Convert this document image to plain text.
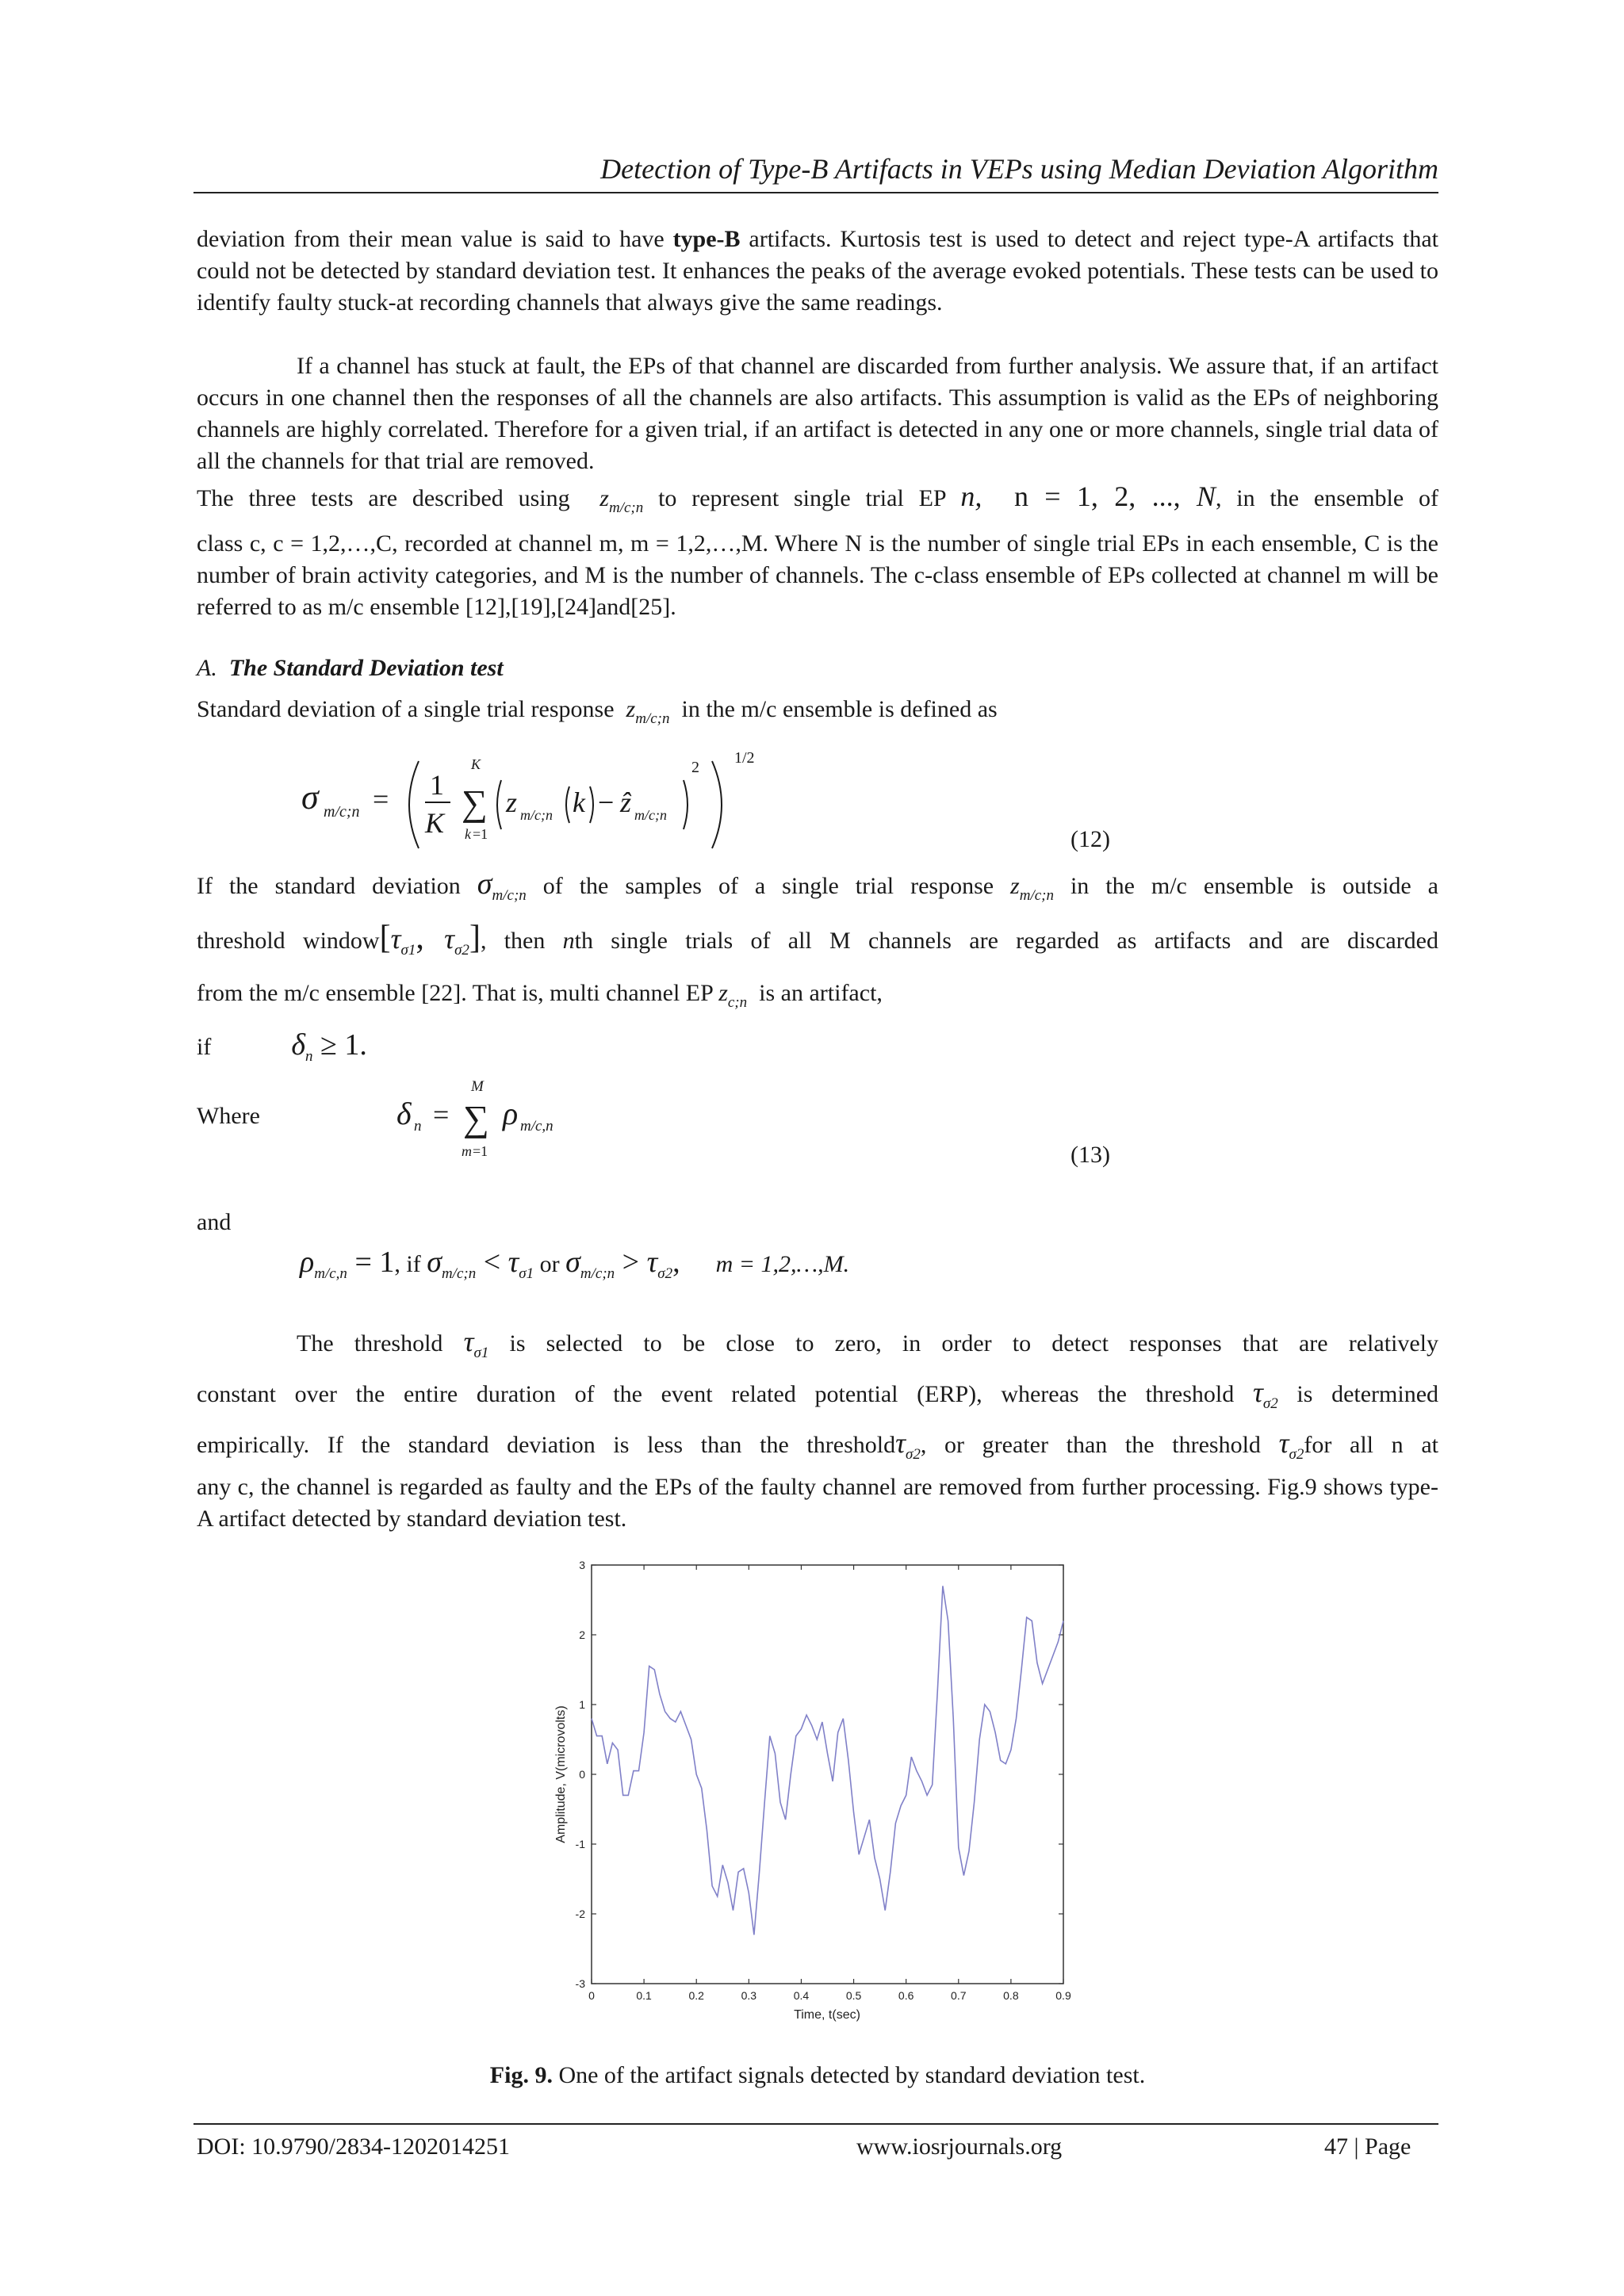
Detection of Type-B Artifacts in VEPs using Median Deviation Algorithm
deviation from their mean value is said to have type-B artifacts. Kurtosis test is used to detect and reject type-A artifacts that could not be detected by standard deviation test. It enhances the peaks of the average evoked potentials. These tests can be used to identify faulty stuck-at recording channels that always give the same readings.
If a channel has stuck at fault, the EPs of that channel are discarded from further analysis. We assure that, if an artifact occurs in one channel then the responses of all the channels are also artifacts. This assumption is valid as the EPs of neighboring channels are highly correlated. Therefore for a given trial, if an artifact is detected in any one or more channels, single trial data of all the channels for that trial are removed.
The three tests are described using  $z_{m/c;n}$ to represent single trial EP n,  n = 1, 2, ..., N, in the ensemble of
class c, c = 1,2,…,C, recorded at channel m, m = 1,2,…,M. Where N is the number of single trial EPs in each ensemble, C is the number of brain activity categories, and M is the number of channels. The c-class ensemble of EPs collected at channel m will be referred to as m/c ensemble [12],[19],[24]and[25].
A. The Standard Deviation test
Standard deviation of a single trial response  $z_{m/c;n}$ in the m/c ensemble is defined as
σ m/c;n = 1
K
K
∑
k =1
z m/c;n k − ẑ m/c;n
2
1/2
(12)
If the standard deviation $\sigma_{m/c;n}$ of the samples of a single trial response $z_{m/c;n}$ in the m/c ensemble is outside a
threshold $window[\tau_{\sigma 1}$, $\tau_{\sigma 2}$], then nth single trials of all M channels are regarded as artifacts and are discarded
from the m/c ensemble [22]. That is, multi channel EP $z_{c;n}$ is an artifact,
if	$\delta_n \ge 1$.
Where	δ n =
M
∑
m =1
ρ m/c,n
(13)
and
$\rho_{m/c,n} = 1$, if $\sigma_{m/c;n} < \tau_{\sigma 1}$ or $\sigma_{m/c;n} > \tau_{\sigma 2}$, m = 1,2,…,M.
The threshold $\tau_{\sigma 1}$ is selected to be close to zero, in order to detect responses that are relatively
constant over the entire duration of the event related potential (ERP), whereas the threshold $\tau_{\sigma 2}$ is determined
empirically. If the standard deviation is less than the thresholdτ$_{\sigma 2}$, or greater than the threshold $\tau_{\sigma 2}for$ all n at
any c, the channel is regarded as faulty and the EPs of the faulty channel are removed from further processing. Fig.9 shows type-A artifact detected by standard deviation test.
3
2
1
0
-1
-2
-3
0	0.1	0.2	0.3	0.4	0.5	0.6	0.7	0.8	0.9
Amplitude, V(microvolts)
Time, t(sec)
Fig. 9. One of the artifact signals detected by standard deviation test.
DOI: 10.9790/2834-1202014251	www.iosrjournals.org	47 | Page
